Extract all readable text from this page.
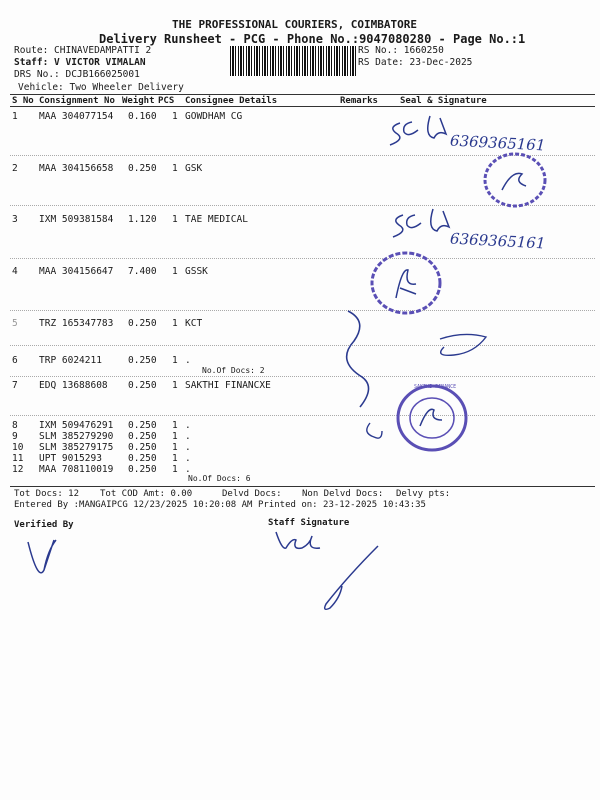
THE PROFESSIONAL COURIERS, COIMBATORE
Delivery Runsheet - PCG - Phone No.:9047080280 - Page No.:1
Route: CHINAVEDAMPATTI 2
Staff: V VICTOR VIMALAN
DRS No.: DCJB166025001
Vehicle: Two Wheeler Delivery
RS No.: 1660250
RS Date: 23-Dec-2025
S No Consignment No Weight PCS Consignee Details	Remarks Seal & Signature
1 MAA 304077154 0.160 1 GOWDHAM CG
2 MAA 304156658 0.250 1 GSK
3 IXM 509381584 1.120 1 TAE MEDICAL
4 MAA 304156647 7.400 1 GSSK
5 TRZ 165347783 0.250 1 KCT
6 TRP 6024211	0.250 1 .
No.Of Docs: 2
7 EDQ 13688608 0.250 1 SAKTHI FINANCXE
8 IXM 509476291 0.250 1 .
9 SLM 385279290 0.250 1 .
10 SLM 385279175 0.250 1 .
11 UPT 9015293	0.250 1 .
12 MAA 708110019 0.250 1 .
No.Of Docs: 6
Tot Docs: 12 Tot COD Amt: 0.00	Delvd Docs: Non Delvd Docs: Delvy pts:
Entered By :MANGAIPCG 12/23/2025 10:20:08 AM Printed on: 23-12-2025 10:43:35
Verified By	Staff Signature
6369365161
6369365161
SAKTHI FINANCE
